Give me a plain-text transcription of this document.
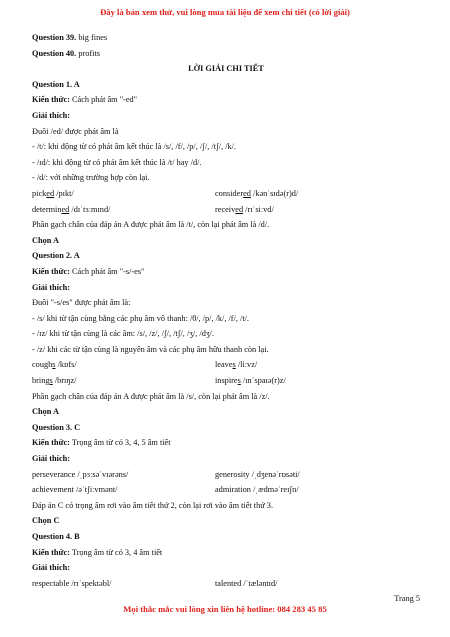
Đây là bản xem thử, vui lòng mua tài liệu để xem chi tiết (có lời giải)
Question 39. big fines
Question 40. profits
LỜI GIẢI CHI TIẾT
Question 1. A
Kiến thức: Cách phát âm "-ed"
Giải thích:
Đuôi /ed/ được phát âm là
- /t/: khi động từ có phát âm kết thúc là /s/, /f/, /p/, /ʃ/, /tʃ/, /k/.
- /ɪd/: khi động từ có phát âm kết thúc là /t/ hay /d/.
- /d/: với những trường hợp còn lại.
picked /pɪkt/	considered /kənˈsɪdə(r)d/
determined /dɪˈtɜːmɪnd/	received /rɪˈsiːvd/
Phần gạch chân của đáp án A được phát âm là /t/, còn lại phát âm là /d/.
Chọn A
Question 2. A
Kiến thức: Cách phát âm "-s/-es"
Giải thích:
Đuôi "-s/es" được phát âm là:
- /s/ khi từ tận cùng bằng các phụ âm vô thanh: /θ/, /p/, /k/, /f/, /t/.
- /ɪz/ khi từ tận cùng là các âm: /s/, /z/, /ʃ/, /tʃ/, /ʒ/, /dʒ/.
- /z/ khi các từ tận cùng là nguyên âm và các phụ âm hữu thanh còn lại.
coughs /kɒfs/	leaves /liːvz/
brings /brɪŋz/	inspires /ɪnˈspaɪə(r)z/
Phần gạch chân của đáp án A được phát âm là /s/, còn lại phát âm là /z/.
Chọn A
Question 3. C
Kiến thức: Trọng âm từ có 3, 4, 5 âm tiết
Giải thích:
perseverance /ˌpɜːsəˈvɪərəns/	generosity /ˌdʒenəˈrɒsəti/
achievement /əˈtʃiːvmənt/	admiration /ˌædməˈreɪʃn/
Đáp án C có trọng âm rơi vào âm tiết thứ 2, còn lại rơi vào âm tiết thứ 3.
Chọn C
Question 4. B
Kiến thức: Trọng âm từ có 3, 4 âm tiết
Giải thích:
respectable /rɪˈspektəbl/	talented /ˈtæləntɪd/
Trang 5
Mọi thắc mắc vui lòng xin liên hệ hotline: 084 283 45 85
